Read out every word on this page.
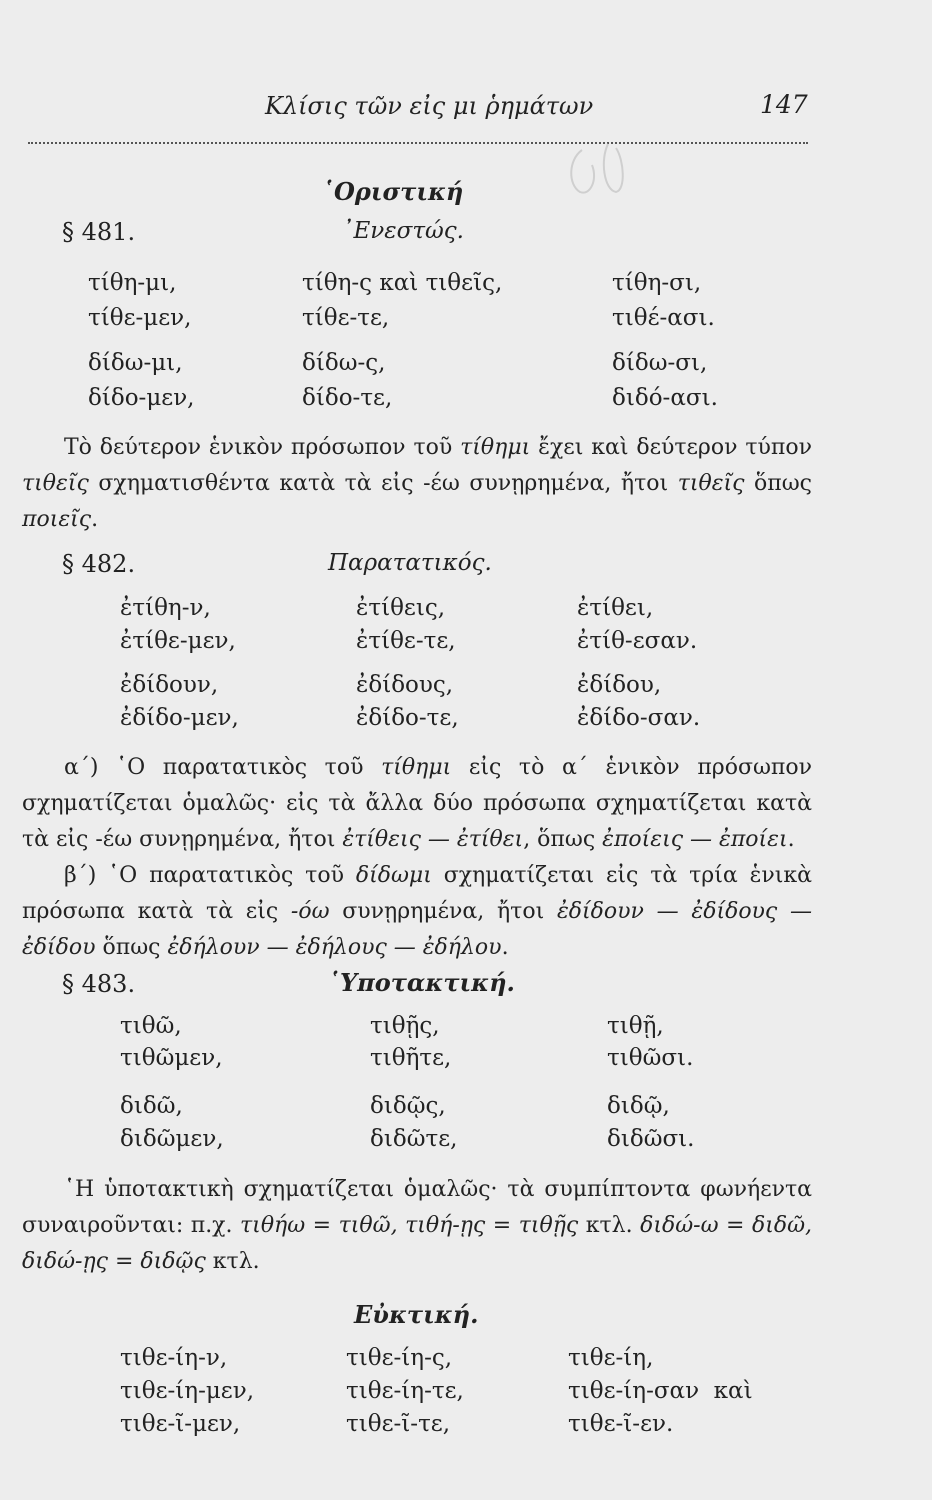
Κλίσις τῶν εἰς μι ῥημάτων	147
῾Οριστική
§ 481.	᾿Ενεστώς.
τίθη-μι,	τίθη-ς καὶ τιθεῖς,	τίθη-σι,
τίθε-μεν,	τίθε-τε,	τιθέ-ασι.
δίδω-μι,	δίδω-ς,	δίδω-σι,
δίδο-μεν,	δίδο-τε,	διδό-ασι.

Τὸ δεύτερον ἑνικὸν πρόσωπον τοῦ τίθημι ἔχει καὶ δεύτερον τύπον τιθεῖς σχηματισθέντα κατὰ τὰ εἰς -έω συνῃρημένα, ἤτοι τιθεῖς ὅπως ποιεῖς.

§ 482.	Παρατατικός.
ἐτίθη-ν,	ἐτίθεις,	ἐτίθει,
ἐτίθε-μεν,	ἐτίθε-τε,	ἐτίθ-εσαν.
ἐδίδουν,	ἐδίδους,	ἐδίδου,
ἐδίδο-μεν,	ἐδίδο-τε,	ἐδίδο-σαν.

α΄) ῾Ο παρατατικὸς τοῦ τίθημι εἰς τὸ α΄ ἑνικὸν πρόσωπον σχηματίζεται ὁμαλῶς· εἰς τὰ ἄλλα δύο πρόσωπα σχηματίζεται κατὰ τὰ εἰς -έω συνῃρημένα, ἤτοι ἐτίθεις — ἐτίθει, ὅπως ἐποίεις — ἐποίει.

β΄) ῾Ο παρατατικὸς τοῦ δίδωμι σχηματίζεται εἰς τὰ τρία ἑνικὰ πρόσωπα κατὰ τὰ εἰς -όω συνῃρημένα, ἤτοι ἐδίδουν — ἐδίδους — ἐδίδου ὅπως ἐδήλουν — ἐδήλους — ἐδήλου.

§ 483.	῾Υποτακτική.
τιθῶ,	τιθῇς,	τιθῇ,
τιθῶμεν,	τιθῆτε,	τιθῶσι.
διδῶ,	διδῷς,	διδῷ,
διδῶμεν,	διδῶτε,	διδῶσι.

῾Η ὑποτακτικὴ σχηματίζεται ὁμαλῶς· τὰ συμπίπτοντα φωνήεντα συναιροῦνται: π.χ. τιθήω = τιθῶ, τιθή-ῃς = τιθῇς κτλ. διδώ-ω = διδῶ, διδώ-ῃς = διδῷς κτλ.

Εὐκτική.
τιθε-ίη-ν,	τιθε-ίη-ς,	τιθε-ίη,
τιθε-ίη-μεν,	τιθε-ίη-τε,	τιθε-ίη-σαν  καὶ
τιθε-ῖ-μεν,	τιθε-ῖ-τε,	τιθε-ῖ-εν.
